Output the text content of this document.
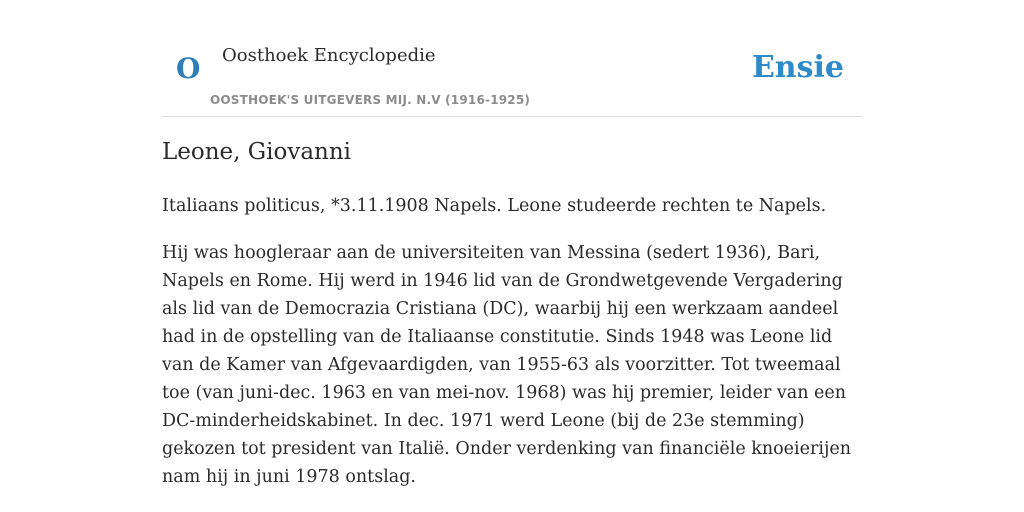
O Oosthoek Encyclopedie
OOSTHOEK'S UITGEVERS MIJ. N.V (1916-1925)
Ensie
Leone, Giovanni

Italiaans politicus, *3.11.1908 Napels. Leone studeerde rechten te Napels.

Hij was hoogleraar aan de universiteiten van Messina (sedert 1936), Bari, Napels en Rome. Hij werd in 1946 lid van de Grondwetgevende Vergadering als lid van de Democrazia Cristiana (DC), waarbij hij een werkzaam aandeel had in de opstelling van de Italiaanse constitutie. Sinds 1948 was Leone lid van de Kamer van Afgevaardigden, van 1955-63 als voorzitter. Tot tweemaal toe (van juni-dec. 1963 en van mei-nov. 1968) was hij premier, leider van een DC-minderheidskabinet. In dec. 1971 werd Leone (bij de 23e stemming) gekozen tot president van Italië. Onder verdenking van financiële knoeierijen nam hij in juni 1978 ontslag.
